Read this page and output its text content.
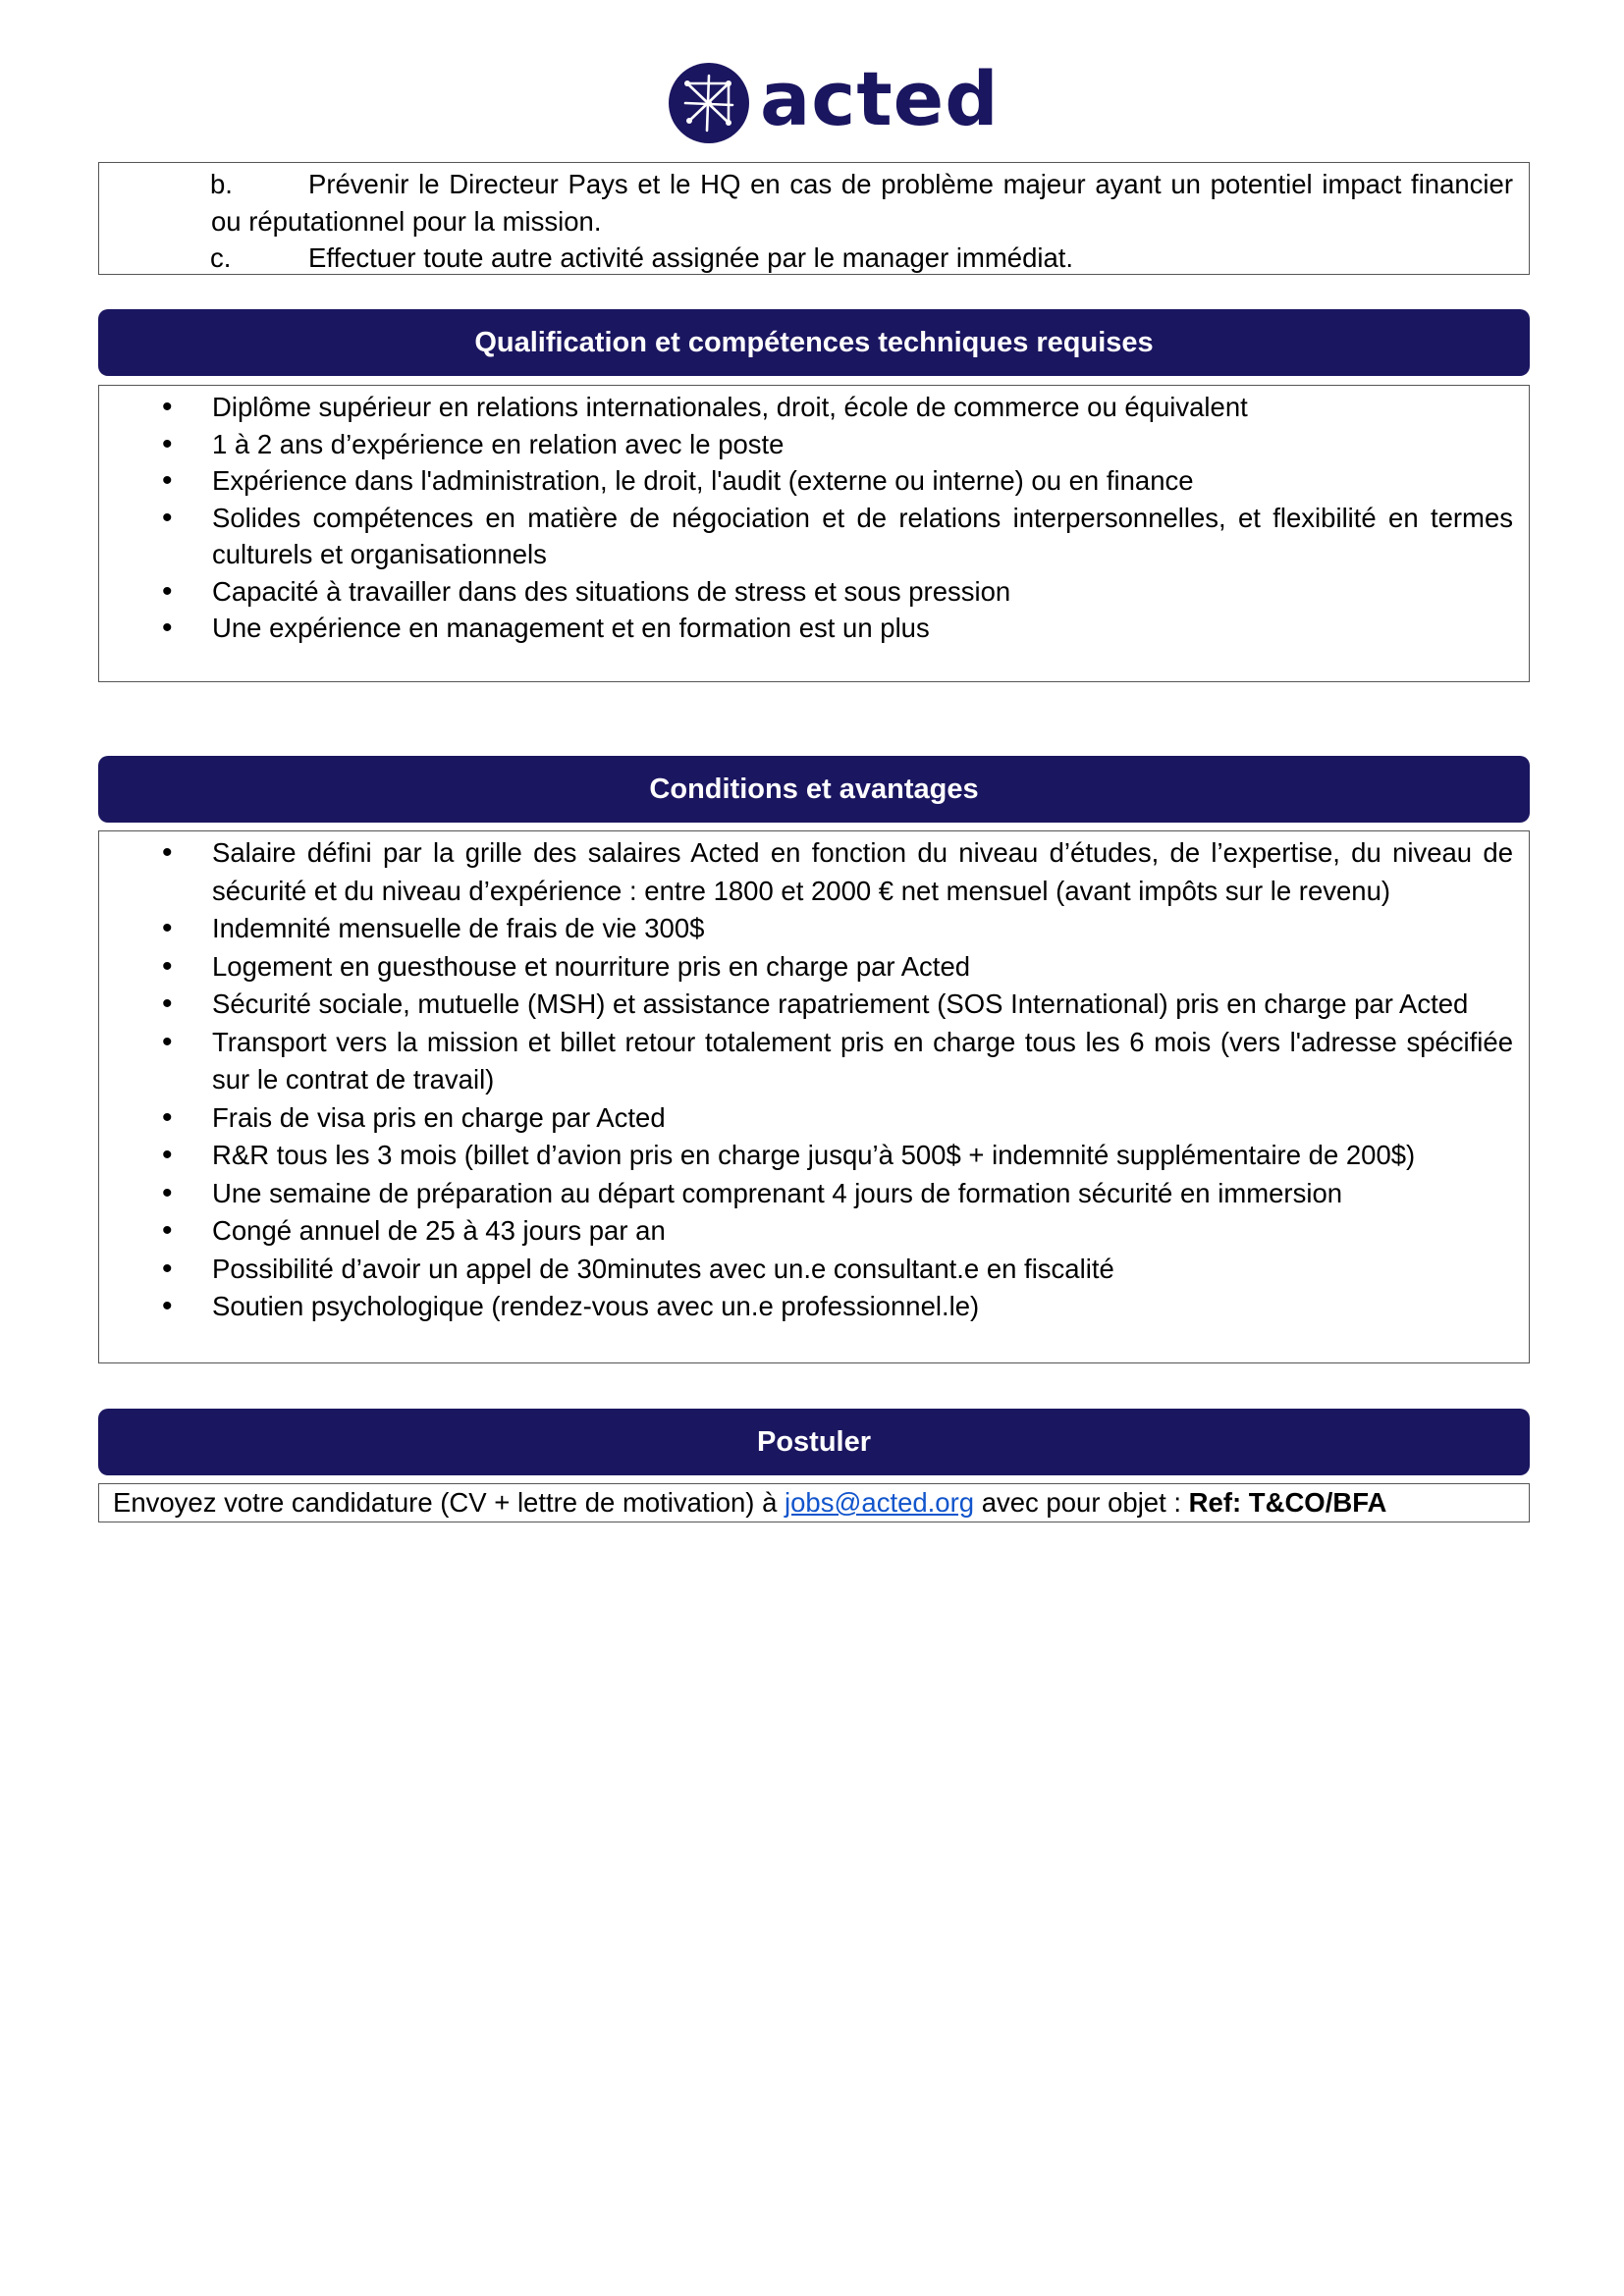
acted
b.	Prévenir le Directeur Pays et le HQ en cas de problème majeur ayant un potentiel impact financier ou réputationnel pour la mission.
c.	Effectuer toute autre activité assignée par le manager immédiat.
Qualification et compétences techniques requises
• Diplôme supérieur en relations internationales, droit, école de commerce ou équivalent
• 1 à 2 ans d’expérience en relation avec le poste
• Expérience dans l'administration, le droit, l'audit (externe ou interne) ou en finance
• Solides compétences en matière de négociation et de relations interpersonnelles, et flexibilité en termes culturels et organisationnels
• Capacité à travailler dans des situations de stress et sous pression
• Une expérience en management et en formation est un plus
Conditions et avantages
• Salaire défini par la grille des salaires Acted en fonction du niveau d’études, de l’expertise, du niveau de sécurité et du niveau d’expérience : entre 1800 et 2000 € net mensuel (avant impôts sur le revenu)
• Indemnité mensuelle de frais de vie 300$
• Logement en guesthouse et nourriture pris en charge par Acted
• Sécurité sociale, mutuelle (MSH) et assistance rapatriement (SOS International) pris en charge par Acted
• Transport vers la mission et billet retour totalement pris en charge tous les 6 mois (vers l'adresse spécifiée sur le contrat de travail)
• Frais de visa pris en charge par Acted
• R&R tous les 3 mois (billet d’avion pris en charge jusqu’à 500$ + indemnité supplémentaire de 200$)
• Une semaine de préparation au départ comprenant 4 jours de formation sécurité en immersion
• Congé annuel de 25 à 43 jours par an
• Possibilité d’avoir un appel de 30minutes avec un.e consultant.e en fiscalité
• Soutien psychologique (rendez-vous avec un.e professionnel.le)
Postuler
Envoyez votre candidature (CV + lettre de motivation) à jobs@acted.org avec pour objet : Ref: T&CO/BFA
